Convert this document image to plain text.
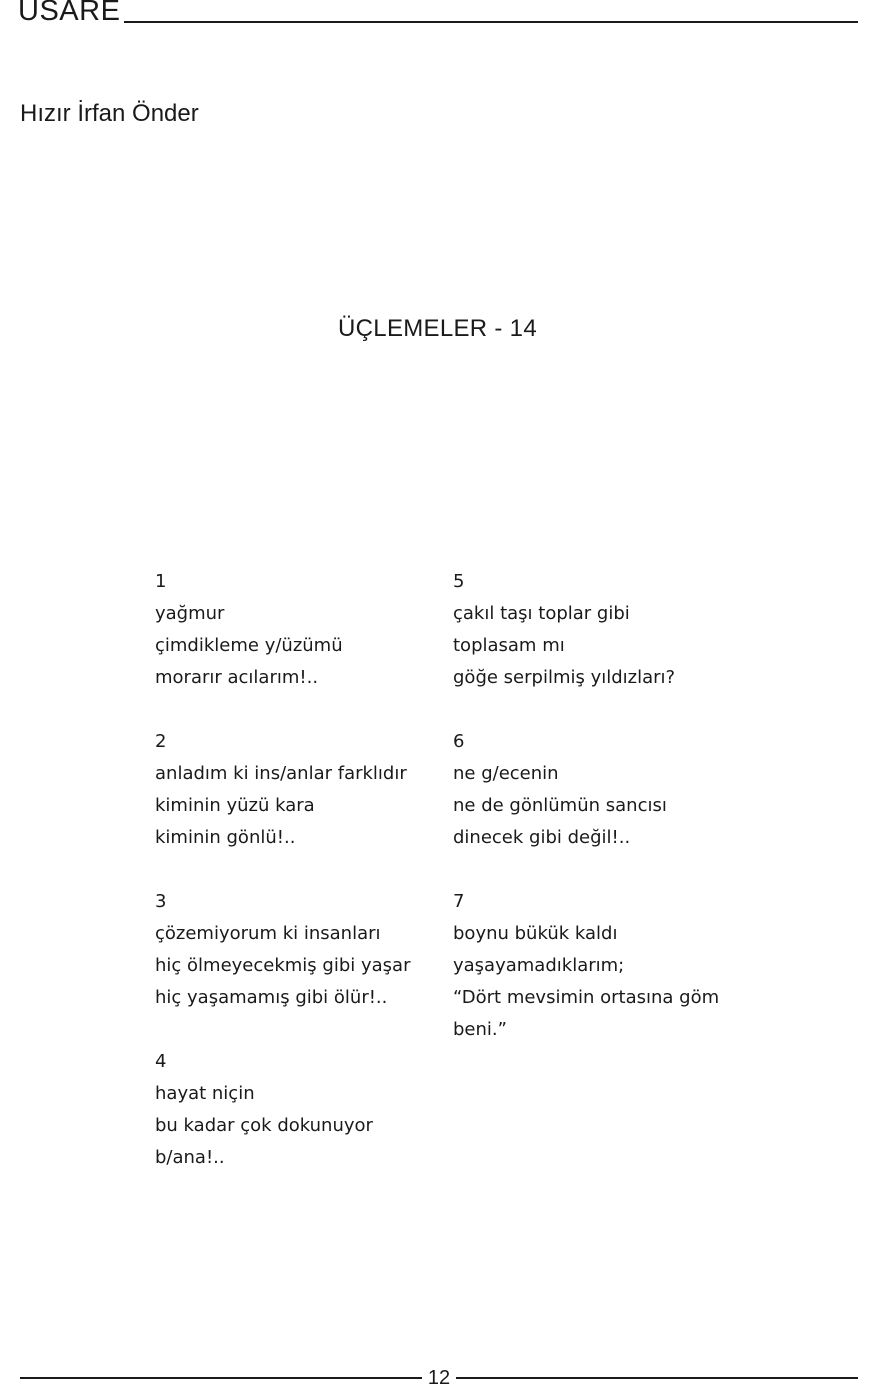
USARE
Hızır İrfan Önder
ÜÇLEMELER - 14
1
yağmur
çimdikleme y/üzümü
morarır acılarım!..
2
anladım ki ins/anlar farklıdır
kiminin yüzü kara
kiminin gönlü!..
3
çözemiyorum ki insanları
hiç ölmeyecekmiş gibi yaşar
hiç yaşamamış gibi ölür!..
4
hayat niçin
bu kadar çok dokunuyor
b/ana!..
5
çakıl taşı toplar gibi
toplasam mı
göğe serpilmiş yıldızları?
6
ne g/ecenin
ne de gönlümün sancısı
dinecek gibi değil!..
7
boynu bükük kaldı
yaşayamadıklarım;
“Dört mevsimin ortasına göm
beni.”
12
